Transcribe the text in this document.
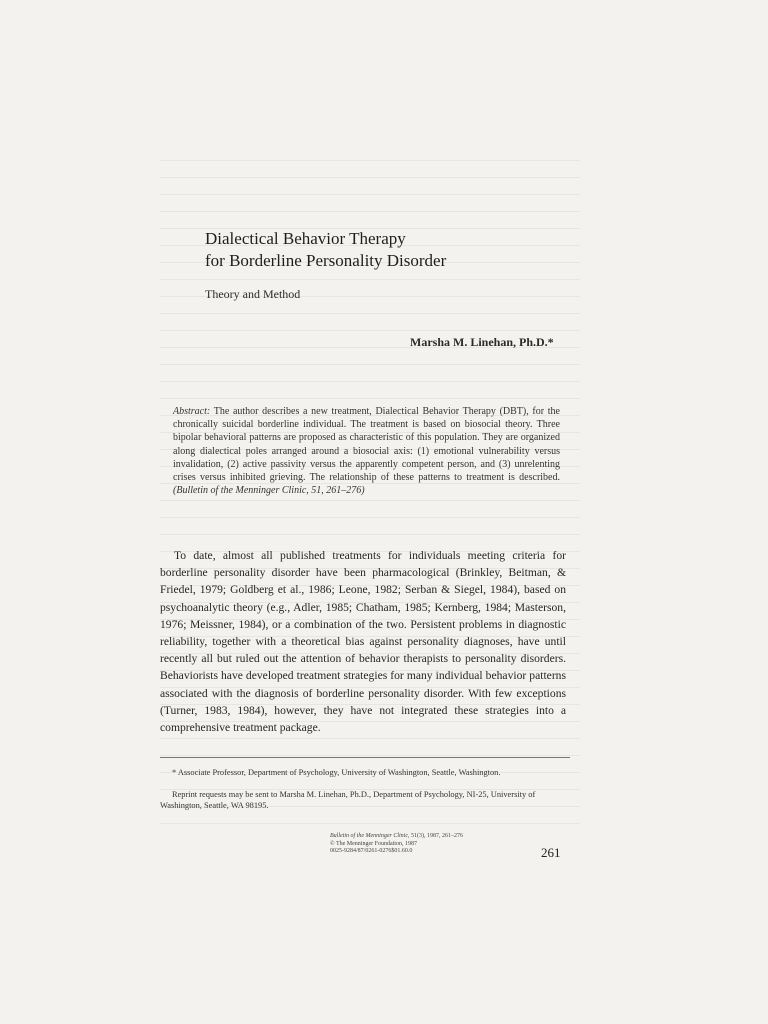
Dialectical Behavior Therapy
for Borderline Personality Disorder
Theory and Method
Marsha M. Linehan, Ph.D.*
Abstract: The author describes a new treatment, Dialectical Behavior Therapy (DBT), for the chronically suicidal borderline individual. The treatment is based on biosocial theory. Three bipolar behavioral patterns are proposed as characteristic of this population. They are organized along dialectical poles arranged around a biosocial axis: (1) emotional vulnerability versus invalidation, (2) active passivity versus the apparently competent person, and (3) unrelenting crises versus inhibited grieving. The relationship of these patterns to treatment is described. (Bulletin of the Menninger Clinic, 51, 261–276)
To date, almost all published treatments for individuals meeting criteria for borderline personality disorder have been pharmacological (Brinkley, Beitman, & Friedel, 1979; Goldberg et al., 1986; Leone, 1982; Serban & Siegel, 1984), based on psychoanalytic theory (e.g., Adler, 1985; Chatham, 1985; Kernberg, 1984; Masterson, 1976; Meissner, 1984), or a combination of the two. Persistent problems in diagnostic reliability, together with a theoretical bias against personality diagnoses, have until recently all but ruled out the attention of behavior therapists to personality disorders. Behaviorists have developed treatment strategies for many individual behavior patterns associated with the diagnosis of borderline personality disorder. With few exceptions (Turner, 1983, 1984), however, they have not integrated these strategies into a comprehensive treatment package.
* Associate Professor, Department of Psychology, University of Washington, Seattle, Washington.
Reprint requests may be sent to Marsha M. Linehan, Ph.D., Department of Psychology, NI-25, University of Washington, Seattle, WA 98195.
Bulletin of the Menninger Clinic, 51(3), 1987, 261–276
© The Menninger Foundation, 1987
0025-9284/87/0261-0276$01.60.0	261
